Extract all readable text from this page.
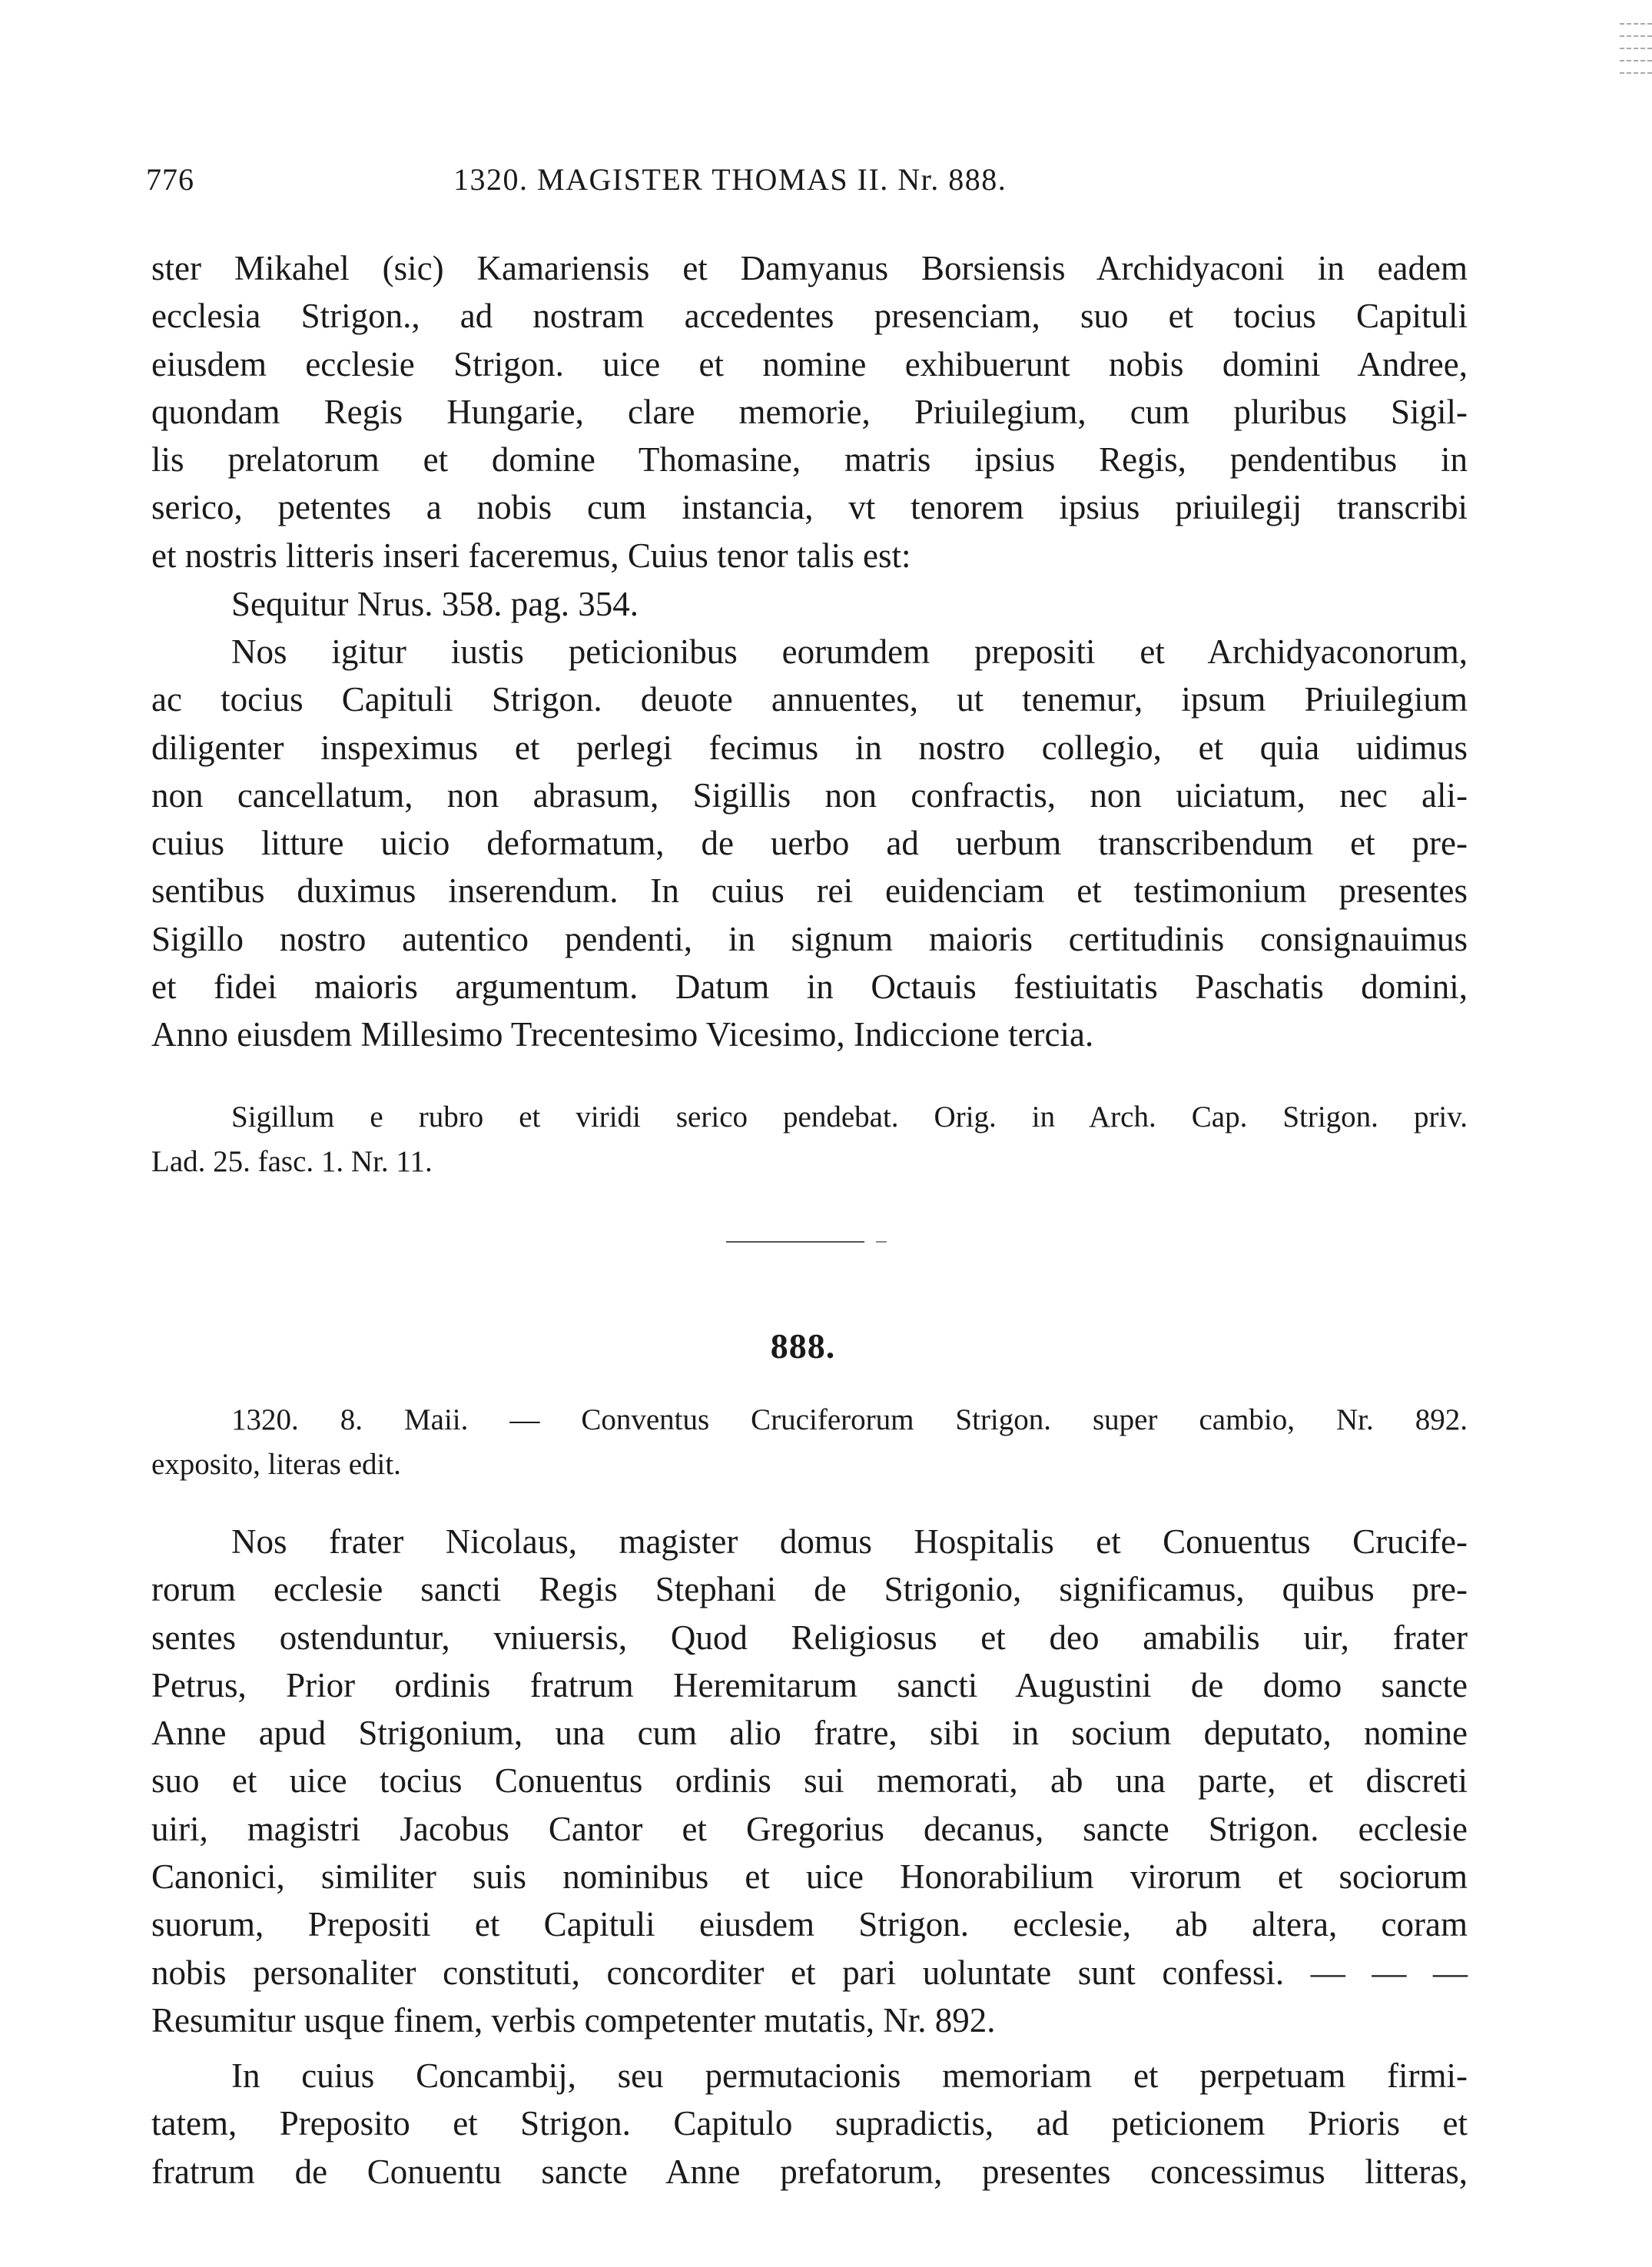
776	1320. MAGISTER THOMAS II. Nr. 888.
ster Mikahel (sic) Kamariensis et Damyanus Borsiensis Archidyaconi in eadem
ecclesia Strigon., ad nostram accedentes presenciam, suo et tocius Capituli
eiusdem ecclesie Strigon. uice et nomine exhibuerunt nobis domini Andree,
quondam Regis Hungarie, clare memorie, Priuilegium, cum pluribus Sigil-
lis prelatorum et domine Thomasine, matris ipsius Regis, pendentibus in
serico, petentes a nobis cum instancia, vt tenorem ipsius priuilegij transcribi
et nostris litteris inseri faceremus, Cuius tenor talis est:
Sequitur Nrus. 358. pag. 354.
Nos igitur iustis peticionibus eorumdem prepositi et Archidyaconorum,
ac tocius Capituli Strigon. deuote annuentes, ut tenemur, ipsum Priuilegium
diligenter inspeximus et perlegi fecimus in nostro collegio, et quia uidimus
non cancellatum, non abrasum, Sigillis non confractis, non uiciatum, nec ali-
cuius litture uicio deformatum, de uerbo ad uerbum transcribendum et pre-
sentibus duximus inserendum. In cuius rei euidenciam et testimonium presentes
Sigillo nostro autentico pendenti, in signum maioris certitudinis consignauimus
et fidei maioris argumentum. Datum in Octauis festiuitatis Paschatis domini,
Anno eiusdem Millesimo Trecentesimo Vicesimo, Indiccione tercia.
Sigillum e rubro et viridi serico pendebat. Orig. in Arch. Cap. Strigon. priv.
Lad. 25. fasc. 1. Nr. 11.
888.
1320. 8. Maii. — Conventus Cruciferorum Strigon. super cambio, Nr. 892.
exposito, literas edit.
Nos frater Nicolaus, magister domus Hospitalis et Conuentus Crucife-
rorum ecclesie sancti Regis Stephani de Strigonio, significamus, quibus pre-
sentes ostenduntur, vniuersis, Quod Religiosus et deo amabilis uir, frater
Petrus, Prior ordinis fratrum Heremitarum sancti Augustini de domo sancte
Anne apud Strigonium, una cum alio fratre, sibi in socium deputato, nomine
suo et uice tocius Conuentus ordinis sui memorati, ab una parte, et discreti
uiri, magistri Jacobus Cantor et Gregorius decanus, sancte Strigon. ecclesie
Canonici, similiter suis nominibus et uice Honorabilium virorum et sociorum
suorum, Prepositi et Capituli eiusdem Strigon. ecclesie, ab altera, coram
nobis personaliter constituti, concorditer et pari uoluntate sunt confessi. — — —
Resumitur usque finem, verbis competenter mutatis, Nr. 892.
In cuius Concambij, seu permutacionis memoriam et perpetuam firmi-
tatem, Preposito et Strigon. Capitulo supradictis, ad peticionem Prioris et
fratrum de Conuentu sancte Anne prefatorum, presentes concessimus litteras,
